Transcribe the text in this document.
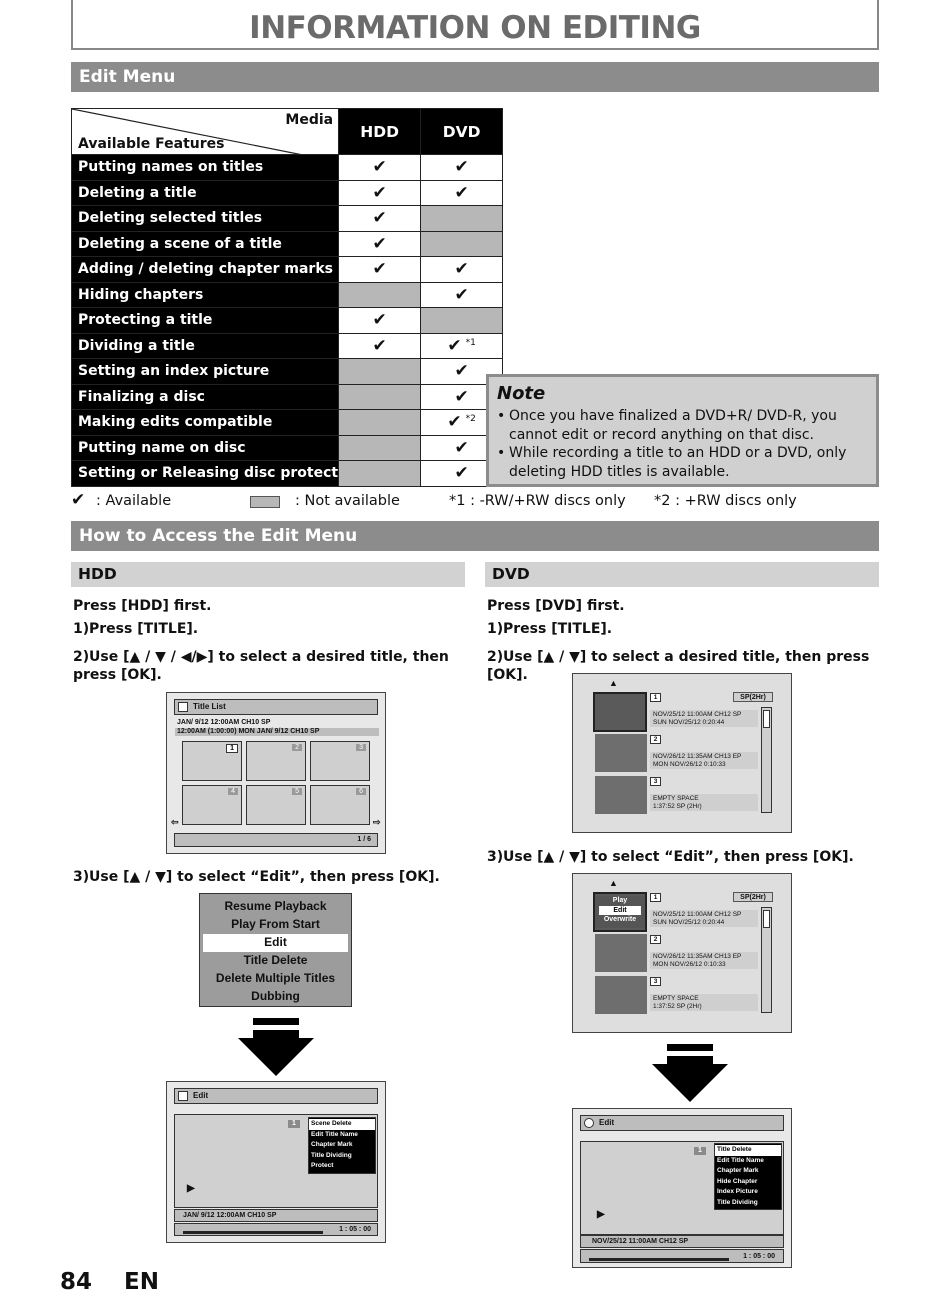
INFORMATION ON EDITING
Edit Menu
Media
Available Features	HDD	DVD
Putting names on titles	✔	✔
Deleting a title	✔	✔
Deleting selected titles	✔	
Deleting a scene of a title	✔	
Adding / deleting chapter marks	✔	✔
Hiding chapters		✔
Protecting a title	✔	
Dividing a title	✔	✔ $^{*1}$
Setting an index picture		✔
Finalizing a disc		✔
Making edits compatible		✔ $^{*2}$
Putting name on disc		✔
Setting or Releasing disc protect		✔
✔ : Available	: Not available	*1 : -RW/+RW discs only *2 : +RW discs only
Note
• Once you have finalized a DVD+R/ DVD-R, you cannot edit or record anything on that disc.
• While recording a title to an HDD or a DVD, only deleting HDD titles is available.
How to Access the Edit Menu
HDD	DVD
Press [HDD] first.
1)Press [TITLE].
2)Use [▲ / ▼ / ◀/▶] to select a desired title, then press [OK].
Title List
JAN/ 9/12 12:00AM CH10 SP
12:00AM (1:00:00) MON JAN/ 9/12 CH10 SP
1	2	3
4	5	6
⇦	⇨
1 / 6
3)Use [▲ / ▼] to select “Edit”, then press [OK].
Resume Playback
Play From Start
Edit
Title Delete
Delete Multiple Titles
Dubbing
Edit
1	Scene Delete
Edit Title Name
Chapter Mark
Title Dividing
Protect
▶
JAN/ 9/12 12:00AM CH10 SP
1 : 05 : 00
Press [DVD] first.
1)Press [TITLE].
2)Use [▲ / ▼] to select a desired title, then press [OK].	▲
SP(2Hr)
1
NOV/25/12 11:00AM CH12 SP
SUN NOV/25/12 0:20:44
2
NOV/26/12 11:35AM CH13 EP
MON NOV/26/12 0:10:33
3
EMPTY SPACE
1:37:52 SP (2Hr)
3)Use [▲ / ▼] to select “Edit”, then press [OK].
▲
SP(2Hr)
1
NOV/25/12 11:00AM CH12 SP
SUN NOV/25/12 0:20:44
2
NOV/26/12 11:35AM CH13 EP
MON NOV/26/12 0:10:33
3
EMPTY SPACE
1:37:52 SP (2Hr)
Play
Edit
Overwrite
Edit
1	Title Delete
Edit Title Name
Chapter Mark
Hide Chapter
Index Picture
Title Dividing
▶
NOV/25/12 11:00AM CH12 SP
1 : 05 : 00
84 EN
